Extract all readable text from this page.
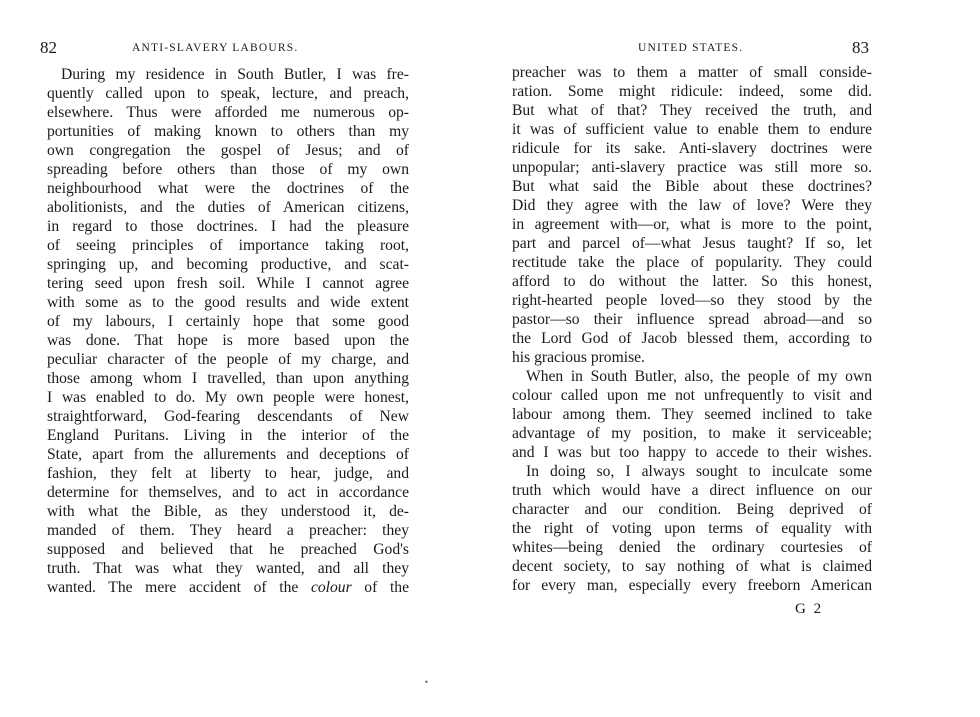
82	ANTI-SLAVERY LABOURS.
During my residence in South Butler, I was fre-
quently called upon to speak, lecture, and preach,
elsewhere. Thus were afforded me numerous op-
portunities of making known to others than my
own congregation the gospel of Jesus; and of
spreading before others than those of my own
neighbourhood what were the doctrines of the
abolitionists, and the duties of American citizens,
in regard to those doctrines. I had the pleasure
of seeing principles of importance taking root,
springing up, and becoming productive, and scat-
tering seed upon fresh soil. While I cannot agree
with some as to the good results and wide extent
of my labours, I certainly hope that some good
was done. That hope is more based upon the
peculiar character of the people of my charge, and
those among whom I travelled, than upon anything
I was enabled to do. My own people were honest,
straightforward, God-fearing descendants of New
England Puritans. Living in the interior of the
State, apart from the allurements and deceptions of
fashion, they felt at liberty to hear, judge, and
determine for themselves, and to act in accordance
with what the Bible, as they understood it, de-
manded of them. They heard a preacher: they
supposed and believed that he preached God's
truth. That was what they wanted, and all they
wanted. The mere accident of the colour of the
UNITED STATES.	83
preacher was to them a matter of small conside-
ration. Some might ridicule: indeed, some did.
But what of that? They received the truth, and
it was of sufficient value to enable them to endure
ridicule for its sake. Anti-slavery doctrines were
unpopular; anti-slavery practice was still more so.
But what said the Bible about these doctrines?
Did they agree with the law of love? Were they
in agreement with—or, what is more to the point,
part and parcel of—what Jesus taught? If so, let
rectitude take the place of popularity. They could
afford to do without the latter. So this honest,
right-hearted people loved—so they stood by the
pastor—so their influence spread abroad—and so
the Lord God of Jacob blessed them, according to
his gracious promise.
When in South Butler, also, the people of my own
colour called upon me not unfrequently to visit and
labour among them. They seemed inclined to take
advantage of my position, to make it serviceable;
and I was but too happy to accede to their wishes.
In doing so, I always sought to inculcate some
truth which would have a direct influence on our
character and our condition. Being deprived of
the right of voting upon terms of equality with
whites—being denied the ordinary courtesies of
decent society, to say nothing of what is claimed
for every man, especially every freeborn American
G 2
•
